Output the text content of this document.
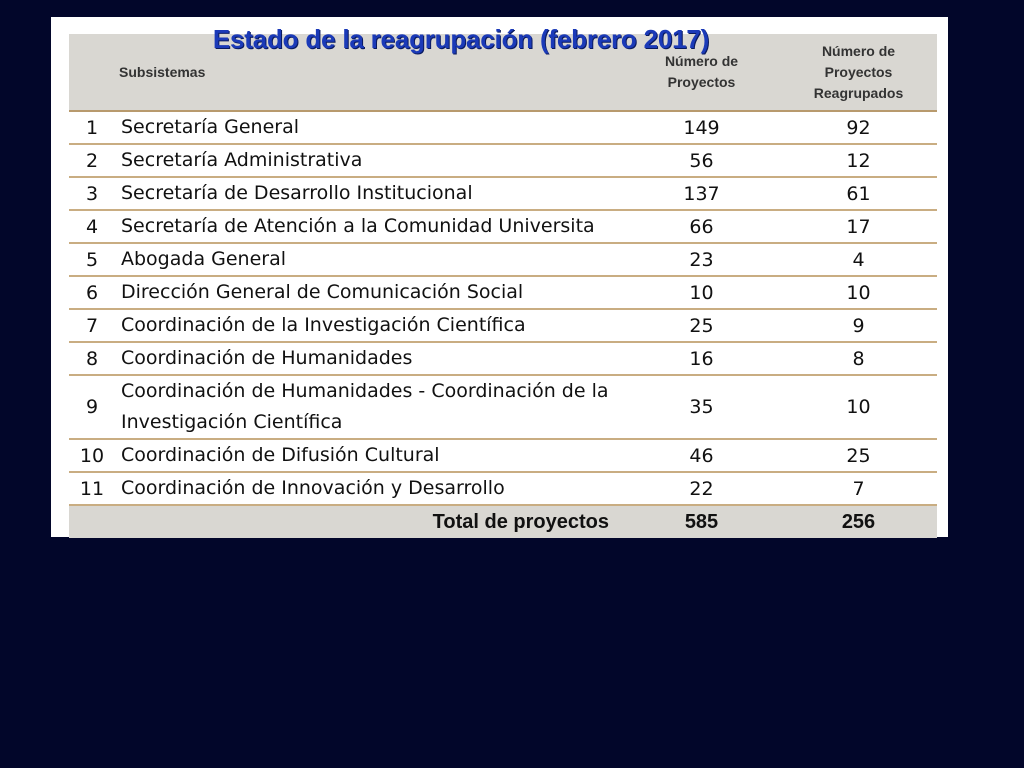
Estado de la reagrupación (febrero 2017)
Subsistemas		Número de Proyectos	Número de Proyectos Reagrupados
1	Secretaría General	149	92
2	Secretaría Administrativa	56	12
3	Secretaría de Desarrollo Institucional	137	61
4	Secretaría de Atención a la Comunidad Universita	66	17
5	Abogada General	23	4
6	Dirección General de Comunicación Social	10	10
7	Coordinación de la Investigación Científica	25	9
8	Coordinación de Humanidades	16	8
9	Coordinación de Humanidades - Coordinación de la Investigación Científica	35	10
10	Coordinación de Difusión Cultural	46	25
11	Coordinación de Innovación y Desarrollo	22	7
Total de proyectos		585	256
